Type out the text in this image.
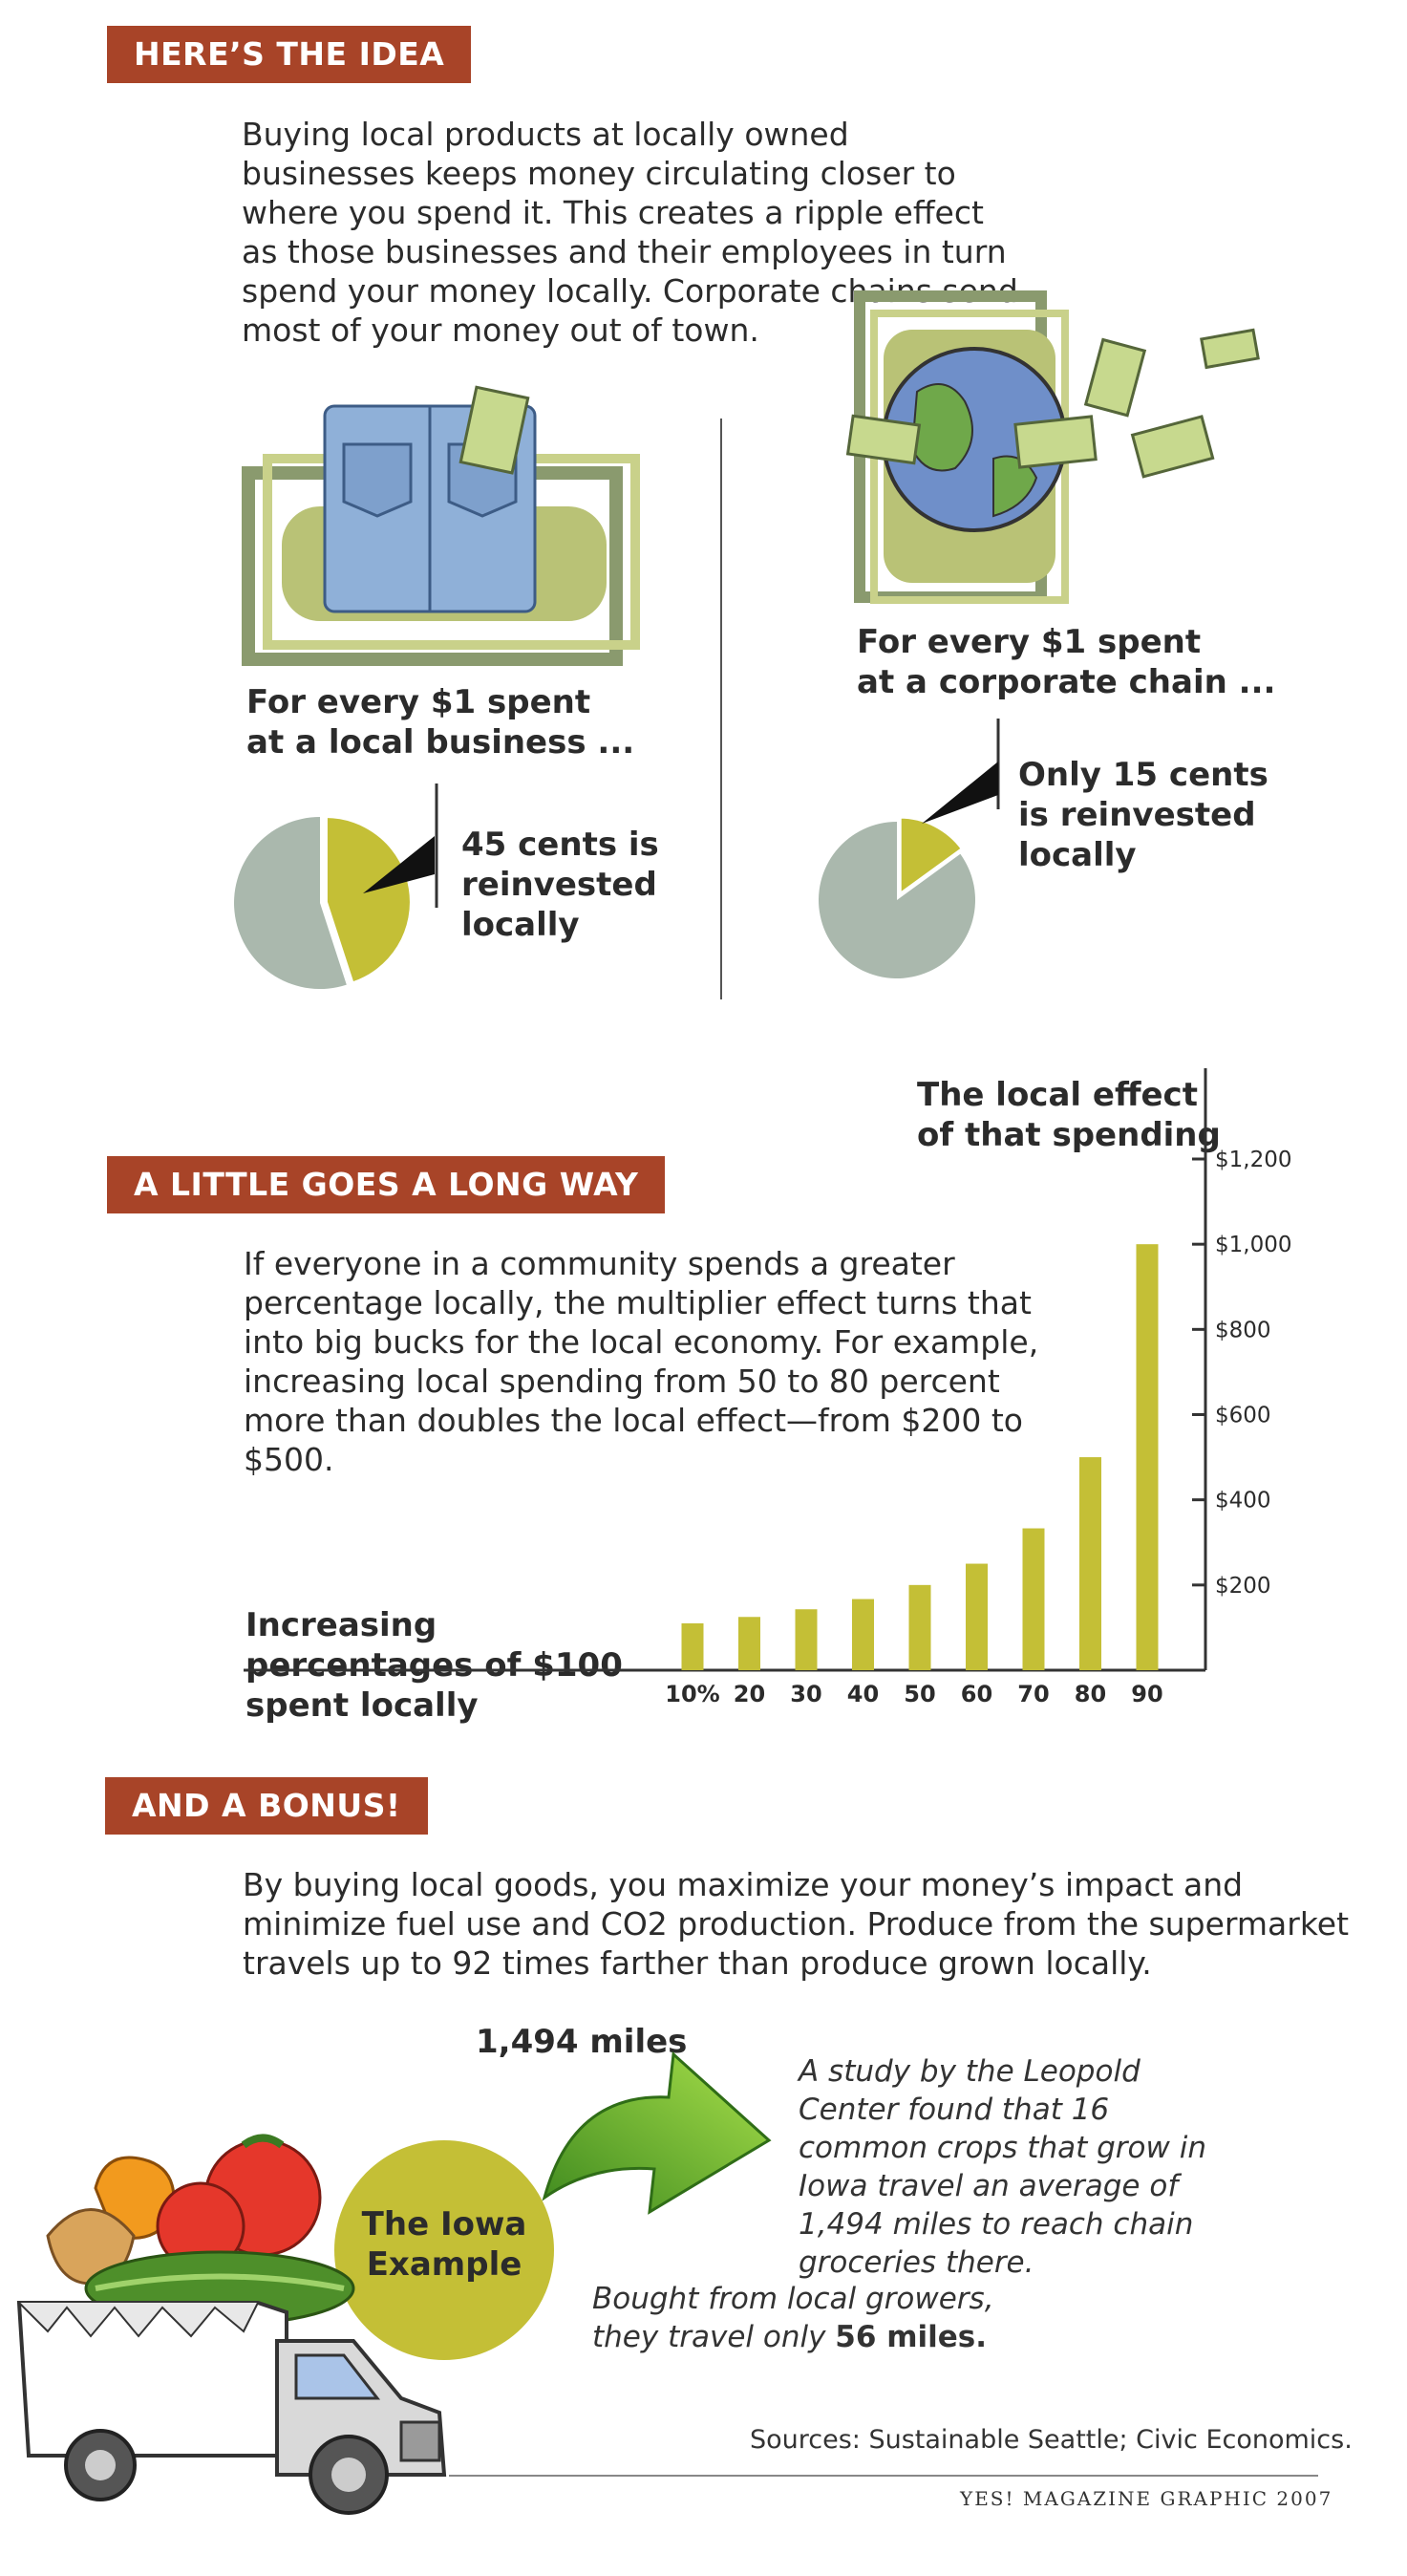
HERE’S THE IDEA
Buying local products at locally owned businesses keeps money circulating closer to where you spend it. This creates a ripple effect as those businesses and their employees in turn spend your money locally. Corporate chains send most of your money out of town.
For every $1 spent
at a local business ...
For every $1 spent
at a corporate chain ...
45 cents is
reinvested
locally
Only 15 cents
is reinvested
locally
A LITTLE GOES A LONG WAY
If everyone in a community spends a greater percentage locally, the multiplier effect turns that into big bucks for the local economy. For example, increasing local spending from 50 to 80 percent more than doubles the local effect—from $200 to $500.
The local effect of that spending
Increasing percentages of $100 spent locally
$200
$400
$600
$800
$1,000
$1,200
10% 20 30 40 50 60 70 80 90
AND A BONUS!
By buying local goods, you maximize your money’s impact and minimize fuel use and CO2 production. Produce from the supermarket travels up to 92 times farther than produce grown locally.
1,494 miles
The Iowa
Example
A study by the Leopold Center found that 16 common crops that grow in Iowa travel an average of 1,494 miles to reach chain groceries there.
Bought from local growers,
they travel only 56 miles.
Sources: Sustainable Seattle; Civic Economics.
YES! MAGAZINE GRAPHIC 2007
